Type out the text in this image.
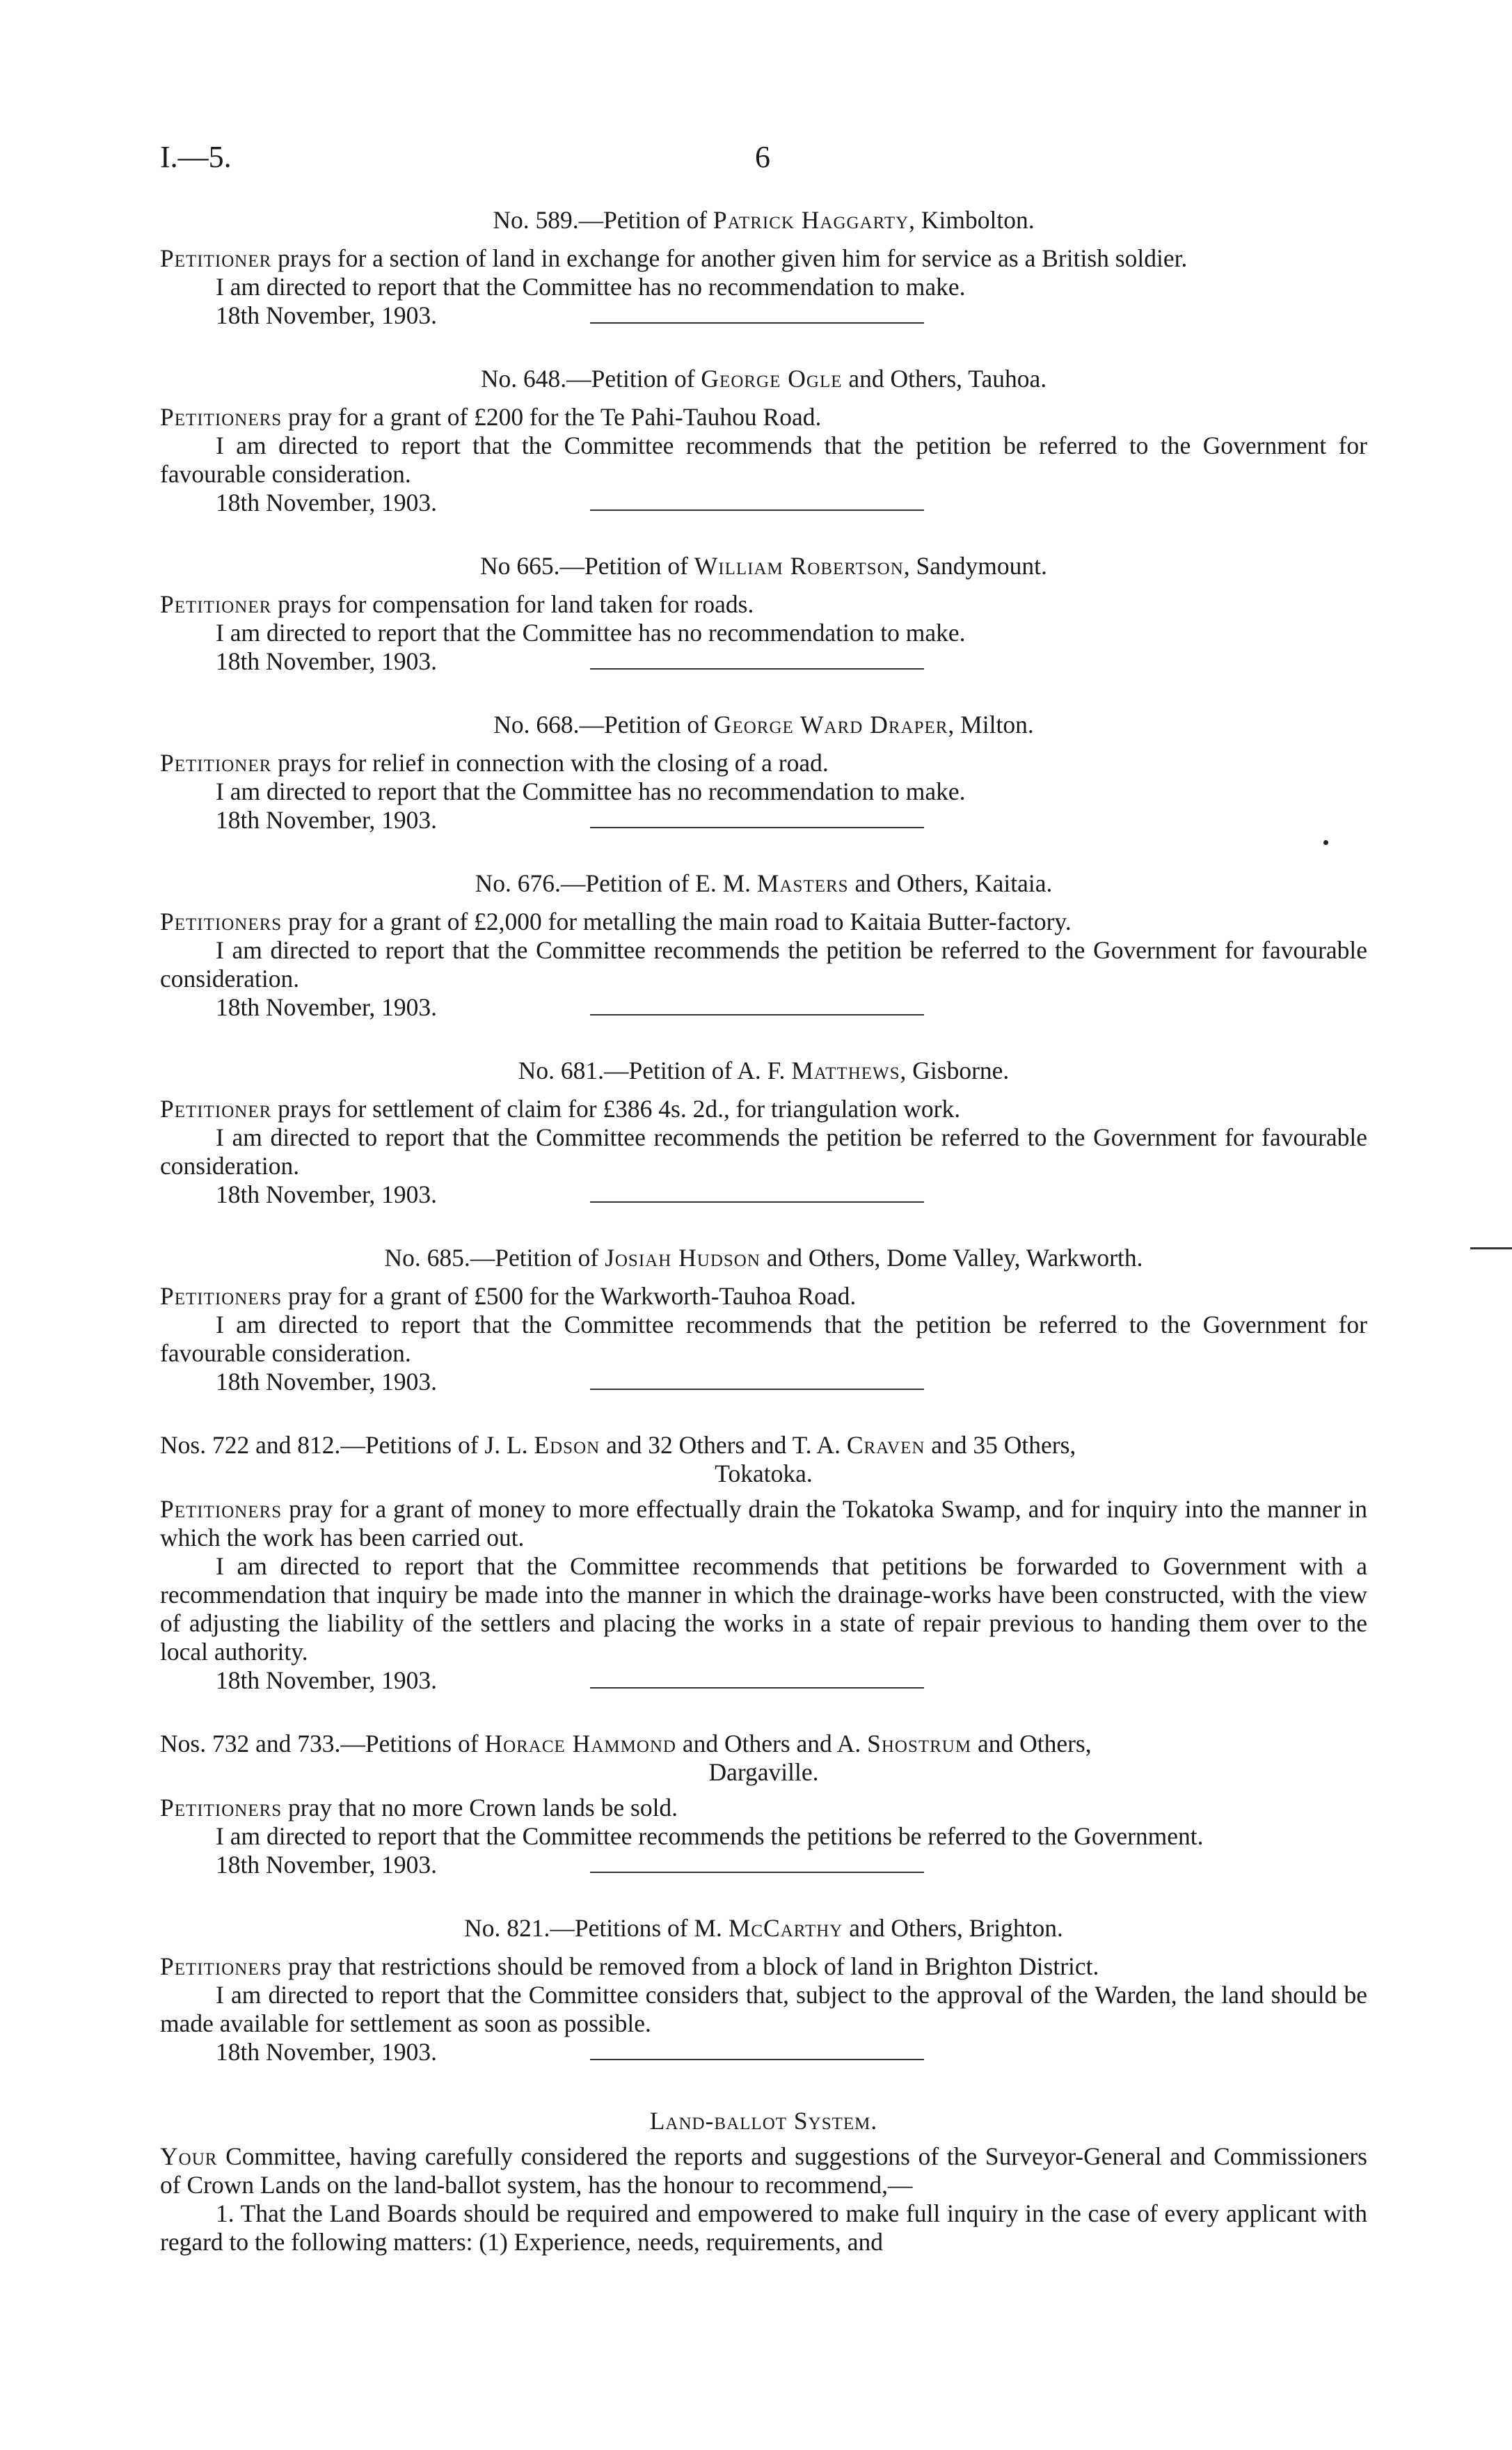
I.—5.	6
No. 589.—Petition of Patrick Haggarty, Kimbolton.

Petitioner prays for a section of land in exchange for another given him for service as a British soldier.

I am directed to report that the Committee has no recommendation to make.

18th November, 1903.
No. 648.—Petition of George Ogle and Others, Tauhoa.

Petitioners pray for a grant of £200 for the Te Pahi-Tauhou Road.

I am directed to report that the Committee recommends that the petition be referred to the Government for favourable consideration.

18th November, 1903.
No 665.—Petition of William Robertson, Sandymount.

Petitioner prays for compensation for land taken for roads.

I am directed to report that the Committee has no recommendation to make.

18th November, 1903.
No. 668.—Petition of George Ward Draper, Milton.

Petitioner prays for relief in connection with the closing of a road.

I am directed to report that the Committee has no recommendation to make.

18th November, 1903.
No. 676.—Petition of E. M. Masters and Others, Kaitaia.

Petitioners pray for a grant of £2,000 for metalling the main road to Kaitaia Butter-factory.

I am directed to report that the Committee recommends the petition be referred to the Government for favourable consideration.

18th November, 1903.
No. 681.—Petition of A. F. Matthews, Gisborne.

Petitioner prays for settlement of claim for £386 4s. 2d., for triangulation work.

I am directed to report that the Committee recommends the petition be referred to the Government for favourable consideration.

18th November, 1903.
No. 685.—Petition of Josiah Hudson and Others, Dome Valley, Warkworth.

Petitioners pray for a grant of £500 for the Warkworth-Tauhoa Road.

I am directed to report that the Committee recommends that the petition be referred to the Government for favourable consideration.

18th November, 1903.
Nos. 722 and 812.—Petitions of J. L. Edson and 32 Others and T. A. Craven and 35 Others,
Tokatoka.

Petitioners pray for a grant of money to more effectually drain the Tokatoka Swamp, and for inquiry into the manner in which the work has been carried out.

I am directed to report that the Committee recommends that petitions be forwarded to Government with a recommendation that inquiry be made into the manner in which the drainage-works have been constructed, with the view of adjusting the liability of the settlers and placing the works in a state of repair previous to handing them over to the local authority.

18th November, 1903.
Nos. 732 and 733.—Petitions of Horace Hammond and Others and A. Shostrum and Others,
Dargaville.

Petitioners pray that no more Crown lands be sold.

I am directed to report that the Committee recommends the petitions be referred to the Government.

18th November, 1903.
No. 821.—Petitions of M. McCarthy and Others, Brighton.

Petitioners pray that restrictions should be removed from a block of land in Brighton District.

I am directed to report that the Committee considers that, subject to the approval of the Warden, the land should be made available for settlement as soon as possible.

18th November, 1903.
Land-ballot System.

Your Committee, having carefully considered the reports and suggestions of the Surveyor-General and Commissioners of Crown Lands on the land-ballot system, has the honour to recommend,—

1. That the Land Boards should be required and empowered to make full inquiry in the case of every applicant with regard to the following matters: (1) Experience, needs, requirements, and
